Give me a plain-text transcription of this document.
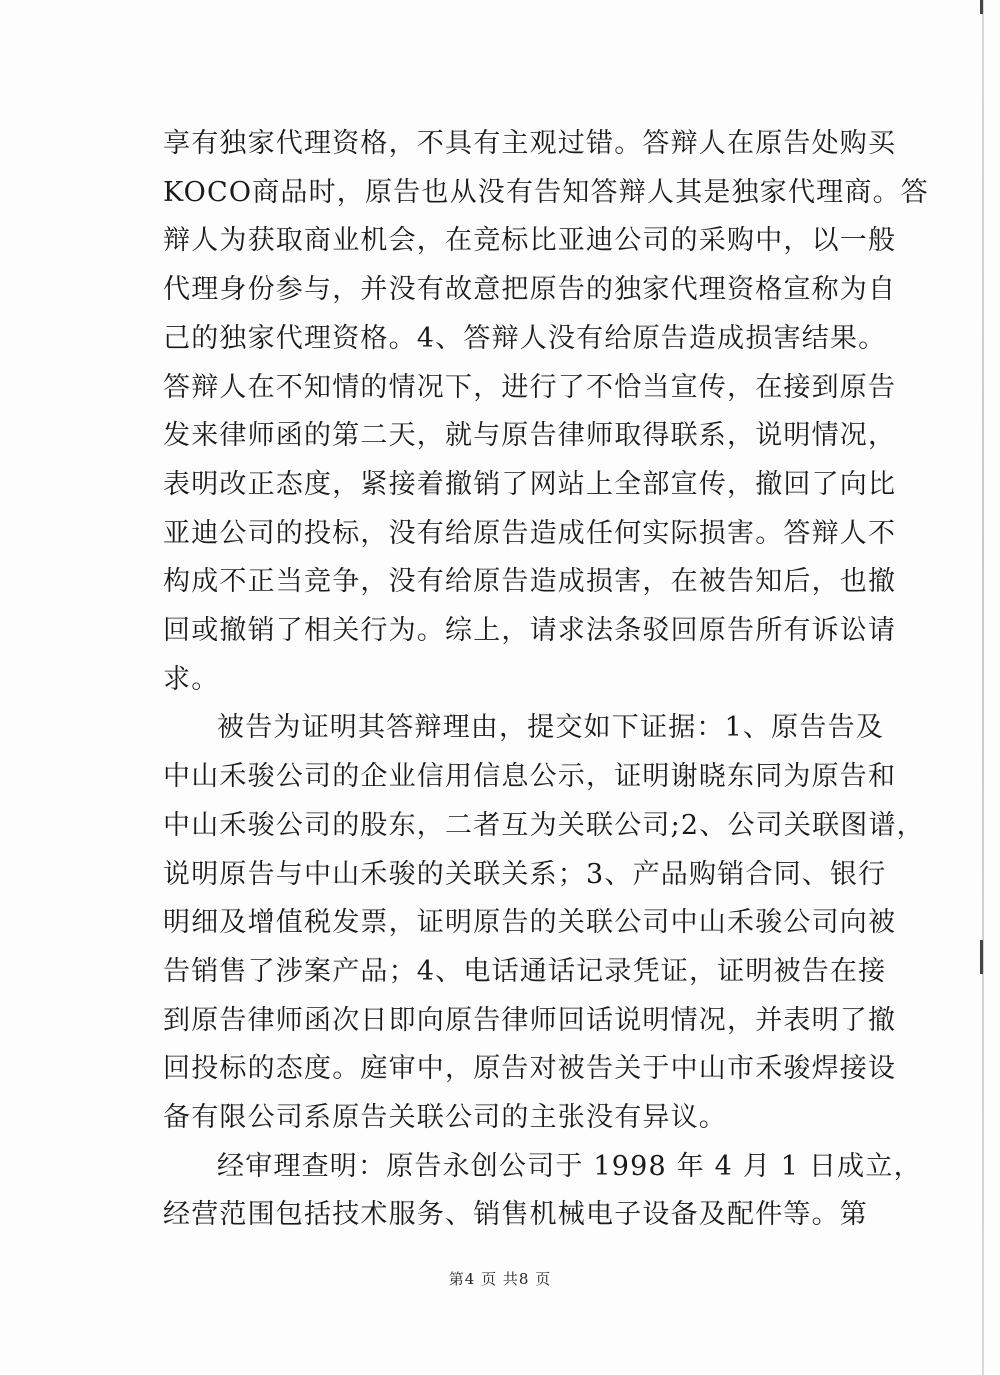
享有独家代理资格，不具有主观过错。答辩人在原告处购买
KOCO商品时，原告也从没有告知答辩人其是独家代理商。答
辩人为获取商业机会，在竞标比亚迪公司的采购中，以一般
代理身份参与，并没有故意把原告的独家代理资格宣称为自
己的独家代理资格。4、答辩人没有给原告造成损害结果。
答辩人在不知情的情况下，进行了不恰当宣传，在接到原告
发来律师函的第二天，就与原告律师取得联系，说明情况，
表明改正态度，紧接着撤销了网站上全部宣传，撤回了向比
亚迪公司的投标，没有给原告造成任何实际损害。答辩人不
构成不正当竞争，没有给原告造成损害，在被告知后，也撤
回或撤销了相关行为。综上，请求法条驳回原告所有诉讼请
求。
被告为证明其答辩理由，提交如下证据：1、原告告及
中山禾骏公司的企业信用信息公示，证明谢晓东同为原告和
中山禾骏公司的股东，二者互为关联公司;2、公司关联图谱，
说明原告与中山禾骏的关联关系；3、产品购销合同、银行
明细及增值税发票，证明原告的关联公司中山禾骏公司向被
告销售了涉案产品；4、电话通话记录凭证，证明被告在接
到原告律师函次日即向原告律师回话说明情况，并表明了撤
回投标的态度。庭审中，原告对被告关于中山市禾骏焊接设
备有限公司系原告关联公司的主张没有异议。
经审理查明：原告永创公司于 1998 年 4 月 1 日成立，
经营范围包括技术服务、销售机械电子设备及配件等。第
第4 页 共8 页
